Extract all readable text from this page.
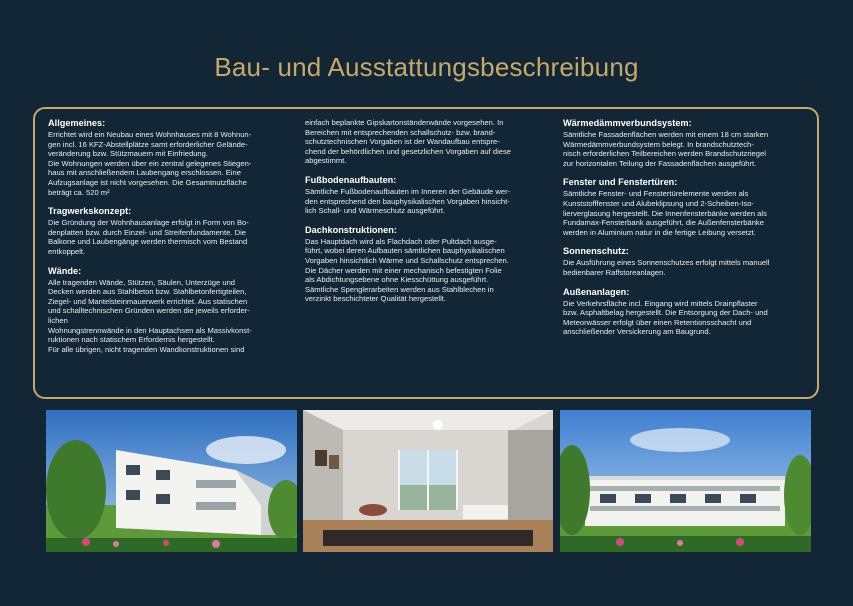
Bau- und Ausstattungsbeschreibung
Allgemeines:

Errichtet wird ein Neubau eines Wohnhauses mit 8 Wohnun-
gen incl. 16 KFZ-Abstellplätze samt erforderlicher Gelände-
veränderung bzw. Stützmauern mit Einfriedung.
Die Wohnungen werden über ein zentral gelegenes Stiegen-
haus mit anschließendem Laubengang erschlossen. Eine
Aufzugsanlage ist nicht vorgesehen. Die Gesamtnutzfläche
beträgt ca. 520 m²

Tragwerkskonzept:

Die Gründung der Wohnhausanlage erfolgt in Form von Bo-
denplatten bzw. durch Einzel- und Streifenfundamente. Die
Balkone und Laubengänge werden thermisch vom Bestand
entkoppelt.

Wände:

Alle tragenden Wände, Stützen, Säulen, Unterzüge und
Decken werden aus Stahlbeton bzw. Stahlbetonfertigteilen,
Ziegel- und Mantelsteinmauerwerk errichtet. Aus statischen
und schalltechnischen Gründen werden die jeweils erforder-
lichen
Wohnungstrennwände in den Hauptachsen als Massivkonst-
ruktionen nach statischem Erfordernis hergestellt.
Für alle übrigen, nicht tragenden Wandkonstruktionen sind

einfach beplankte Gipskartonständerwände vorgesehen. In
Bereichen mit entsprechenden schallschutz- bzw. brand-
schutztechnischen Vorgaben ist der Wandaufbau entspre-
chend der behördlichen und gesetzlichen Vorgaben auf diese
abgestimmt.

Fußbodenaufbauten:

Sämtliche Fußbodenaufbauten im Inneren der Gebäude wer-
den entsprechend den bauphysikalischen Vorgaben hinsicht-
lich Schall- und Wärmeschutz ausgeführt.

Dachkonstruktionen:

Das Hauptdach wird als Flachdach oder Pultdach ausge-
führt, wobei deren Aufbauten sämtlichen bauphysikalischen
Vorgaben hinsichtlich Wärme und Schallschutz entsprechen.
Die Dächer werden mit einer mechanisch befestigten Folie
als Abdichtungsebene ohne Kiesschüttung ausgeführt.
Sämtliche Spenglerarbeiten werden aus Stahlblechen in
verzinkt beschichteter Qualität hergestellt.

Wärmedämmverbundsystem:

Sämtliche Fassadenflächen werden mit einem 18 cm starken
Wärmedämmverbundsystem belegt. In brandschutztech-
nisch erforderlichen Teilbereichen werden Brandschutzriegel
zur horizontalen Teilung der Fassadenflächen ausgeführt.

Fenster und Fenstertüren:

Sämtliche Fenster- und Fenstertürelemente werden als
Kunststofffenster und Alubeklipsung und 2-Scheiben-Iso-
lierverglasung hergestellt. Die Innenfensterbänke werden als
Fundamax-Fensterbank ausgeführt, die Außenfensterbänke
werden in Aluminium natur in die fertige Leibung versetzt.

Sonnenschutz:

Die Ausführung eines Sonnenschutzes erfolgt mittels manuell
bedienbarer Raffstoreanlagen.

Außenanlagen:

Die Verkehrsfläche incl. Eingang wird mittels Drainpflaster
bzw. Asphaltbelag hergestellt. Die Entsorgung der Dach- und
Meteorwässer erfolgt über einen Retentionsschacht und
anschließender Versickerung am Baugrund.
